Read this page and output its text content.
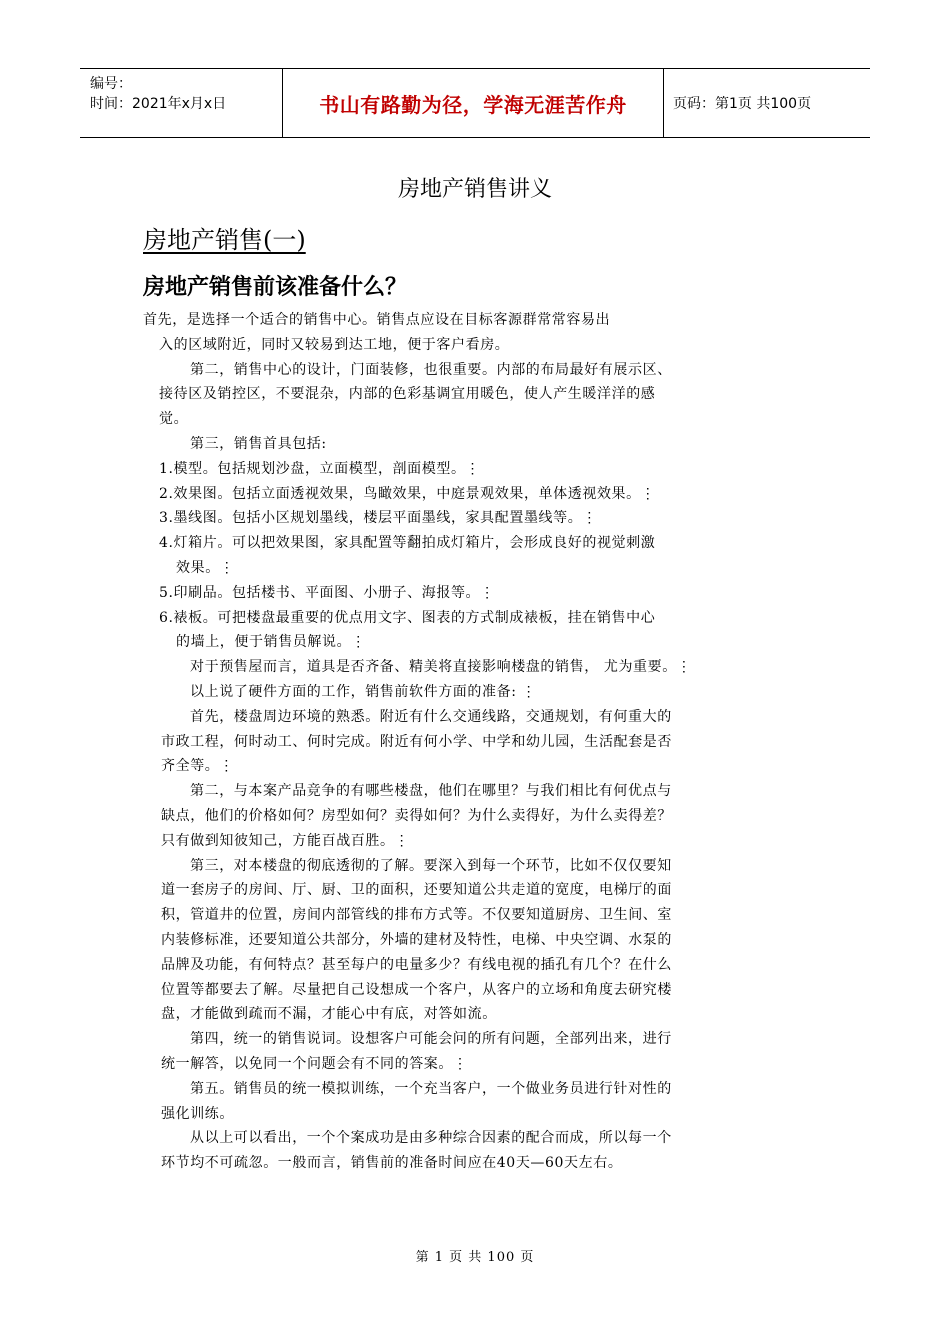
编号：
时间：2021年x月x日	书山有路勤为径，学海无涯苦作舟	页码：第1页 共100页
房地产销售讲义
房地产销售(一)
房地产销售前该准备什么？
首先，是选择一个适合的销售中心。销售点应设在目标客源群常常容易出
入的区域附近，同时又较易到达工地，便于客户看房。
第二，销售中心的设计，门面装修，也很重要。内部的布局最好有展示区、
接待区及销控区，不要混杂，内部的色彩基调宜用暖色，使人产生暖洋洋的感
觉。
第三，销售首具包括:
1.模型。包括规划沙盘，立面模型，剖面模型。⋮
2.效果图。包括立面透视效果，鸟瞰效果，中庭景观效果，单体透视效果。⋮
3.墨线图。包括小区规划墨线，楼层平面墨线，家具配置墨线等。⋮
4.灯箱片。可以把效果图，家具配置等翻拍成灯箱片，会形成良好的视觉刺激
效果。⋮
5.印刷品。包括楼书、平面图、小册子、海报等。⋮
6.裱板。可把楼盘最重要的优点用文字、图表的方式制成裱板，挂在销售中心
的墙上，便于销售员解说。⋮
对于预售屋而言，道具是否齐备、精美将直接影响楼盘的销售， 尤为重要。⋮
以上说了硬件方面的工作，销售前软件方面的准备: ⋮
首先，楼盘周边环境的熟悉。附近有什么交通线路，交通规划，有何重大的
市政工程，何时动工、何时完成。附近有何小学、中学和幼儿园，生活配套是否
齐全等。⋮
第二，与本案产品竞争的有哪些楼盘，他们在哪里？与我们相比有何优点与
缺点，他们的价格如何？房型如何？卖得如何？为什么卖得好，为什么卖得差？
只有做到知彼知己，方能百战百胜。⋮
第三，对本楼盘的彻底透彻的了解。要深入到每一个环节，比如不仅仅要知
道一套房子的房间、厅、厨、卫的面积，还要知道公共走道的宽度，电梯厅的面
积，管道井的位置，房间内部管线的排布方式等。不仅要知道厨房、卫生间、室
内装修标准，还要知道公共部分，外墙的建材及特性，电梯、中央空调、水泵的
品牌及功能，有何特点？甚至每户的电量多少？有线电视的插孔有几个？在什么
位置等都要去了解。尽量把自己设想成一个客户，从客户的立场和角度去研究楼
盘，才能做到疏而不漏，才能心中有底，对答如流。
第四，统一的销售说词。设想客户可能会问的所有问题，全部列出来，进行
统一解答，以免同一个问题会有不同的答案。⋮
第五。销售员的统一模拟训练，一个充当客户，一个做业务员进行针对性的
强化训练。
从以上可以看出，一个个案成功是由多种综合因素的配合而成，所以每一个
环节均不可疏忽。一般而言，销售前的准备时间应在40天—60天左右。
第 1 页 共 100 页
